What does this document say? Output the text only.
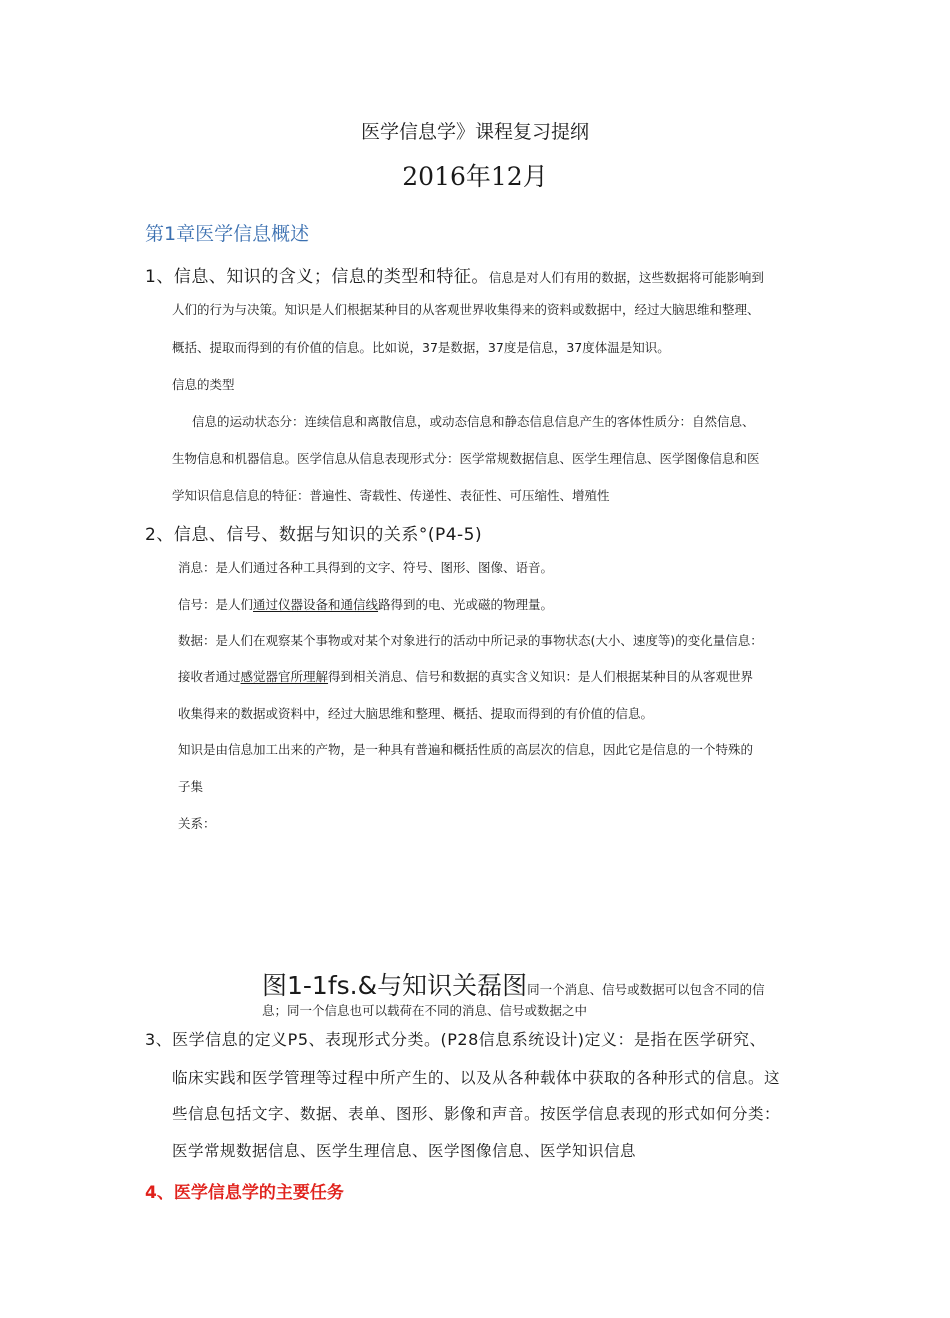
医学信息学》课程复习提纲
2016年12月
第1章医学信息概述
1、信息、知识的含义；信息的类型和特征。信息是对人们有用的数据，这些数据将可能影响到
人们的行为与决策。知识是人们根据某种目的从客观世界收集得来的资料或数据中，经过大脑思维和整理、
概括、提取而得到的有价值的信息。比如说，37是数据，37度是信息，37度体温是知识。
信息的类型
信息的运动状态分：连续信息和离散信息，或动态信息和静态信息信息产生的客体性质分：自然信息、
生物信息和机器信息。医学信息从信息表现形式分：医学常规数据信息、医学生理信息、医学图像信息和医
学知识信息信息的特征：普遍性、寄载性、传递性、表征性、可压缩性、增殖性
2、信息、信号、数据与知识的关系°(P4-5)
消息：是人们通过各种工具得到的文字、符号、图形、图像、语音。
信号：是人们通过仪器设备和通信线路得到的电、光或磁的物理量。
数据：是人们在观察某个事物或对某个对象进行的活动中所记录的事物状态(大小、速度等)的变化量信息：
接收者通过感觉器官所理解得到相关消息、信号和数据的真实含义知识：是人们根据某种目的从客观世界
收集得来的数据或资料中，经过大脑思维和整理、概括、提取而得到的有价值的信息。
知识是由信息加工出来的产物，是一种具有普遍和概括性质的高层次的信息，因此它是信息的一个特殊的
子集
关系：
图1-1fs.&与知识关磊图同一个消息、信号或数据可以包含不同的信
息；同一个信息也可以载荷在不同的消息、信号或数据之中
3、医学信息的定义P5、表现形式分类。(P28信息系统设计)定义：是指在医学研究、
临床实践和医学管理等过程中所产生的、以及从各种载体中获取的各种形式的信息。这
些信息包括文字、数据、表单、图形、影像和声音。按医学信息表现的形式如何分类：
医学常规数据信息、医学生理信息、医学图像信息、医学知识信息
4、医学信息学的主要任务
